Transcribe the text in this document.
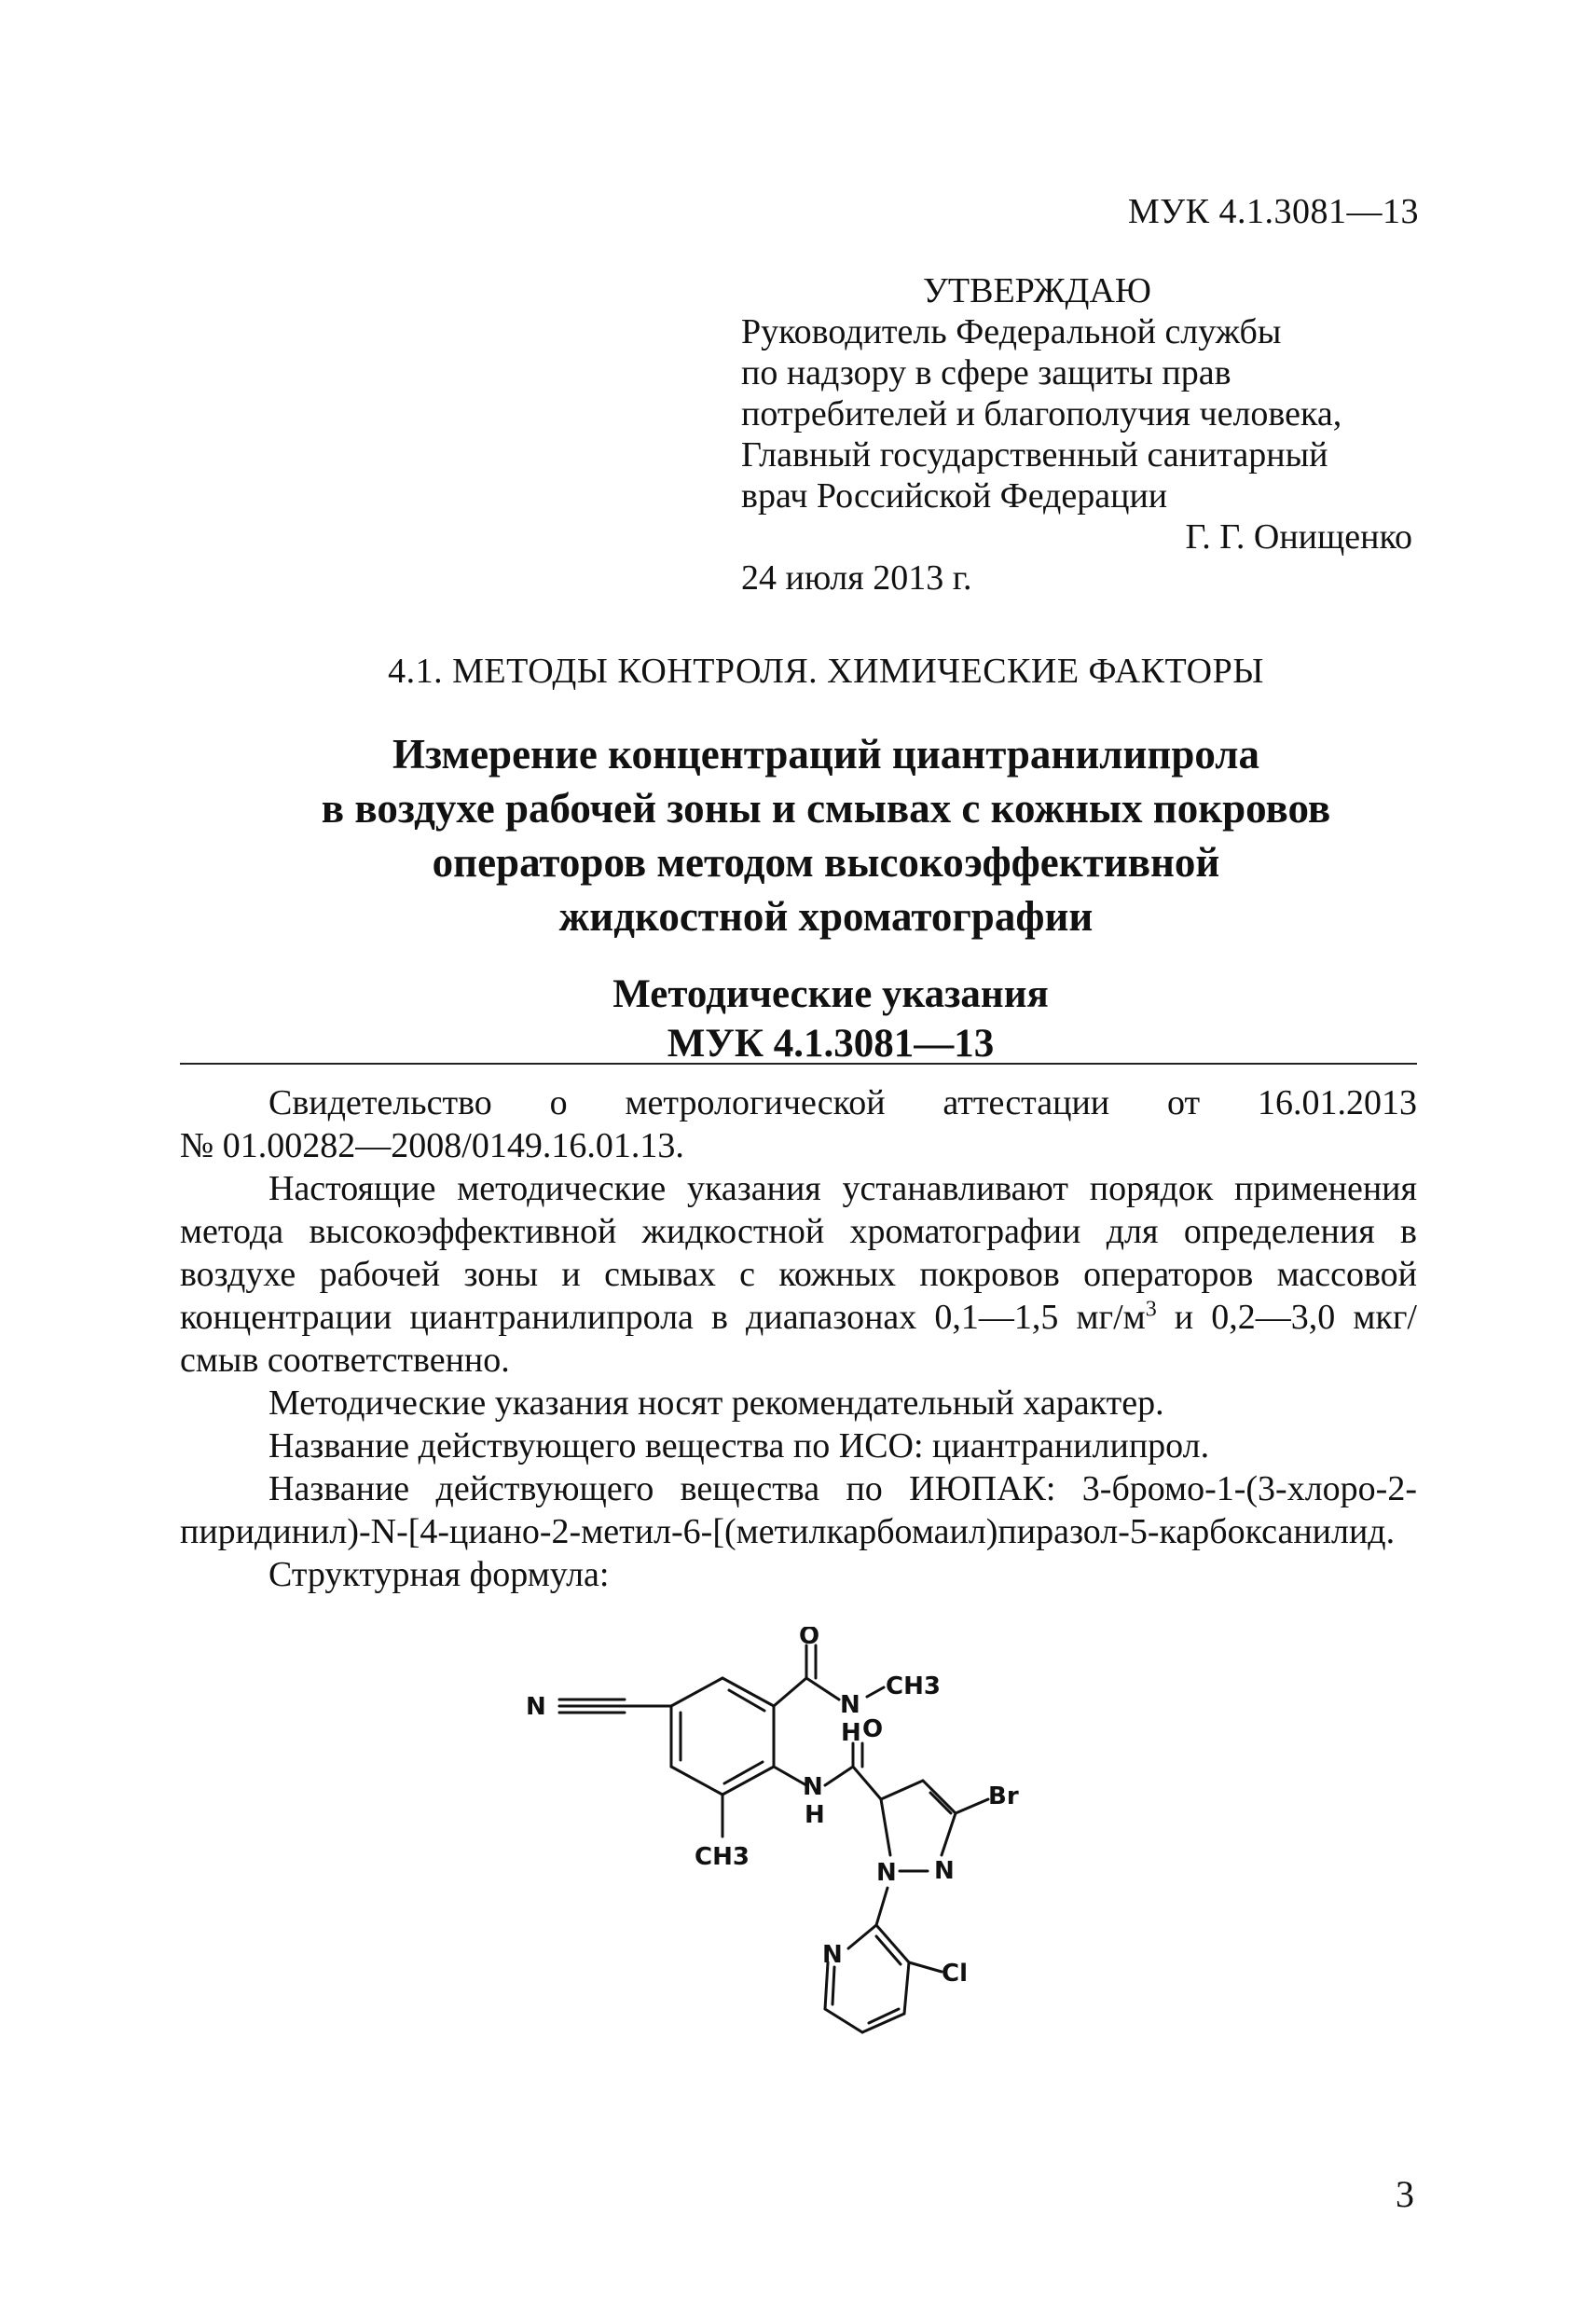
МУК 4.1.3081—13
УТВЕРЖДАЮ
Руководитель Федеральной службы
по надзору в сфере защиты прав
потребителей и благополучия человека,
Главный государственный санитарный
врач Российской Федерации
Г. Г. Онищенко
24 июля 2013 г.
4.1. МЕТОДЫ КОНТРОЛЯ. ХИМИЧЕСКИЕ ФАКТОРЫ
Измерение концентраций циантранилипрола
в воздухе рабочей зоны и смывах с кожных покровов
операторов методом высокоэффективной
жидкостной хроматографии
Методические указания
МУК 4.1.3081—13

Свидетельство о метрологической аттестации от 16.01.2013

№ 01.00282—2008/0149.16.01.13.

Настоящие методические указания устанавливают порядок применения метода высокоэффективной жидкостной хроматографии для определения в воздухе рабочей зоны и смывах с кожных покровов операторов массовой концентрации циантранилипрола в диапазонах 0,1—1,5 $мг/м^3$ и 0,2—3,0 мкг/смыв соответственно.

Методические указания носят рекомендательный характер.

Название действующего вещества по ИСО: циантранилипрол.

Название действующего вещества по ИЮПАК: 3-бромо-1-(3-хлоро-2-пиридинил)-N-[4-циано-2-метил-6-[(метилкарбомаил)пиразол-5-карбоксанилид.

Структурная формула:

O
N	N
CH3
H O
N
H
CH3
Br
N
N
N
Cl
3
